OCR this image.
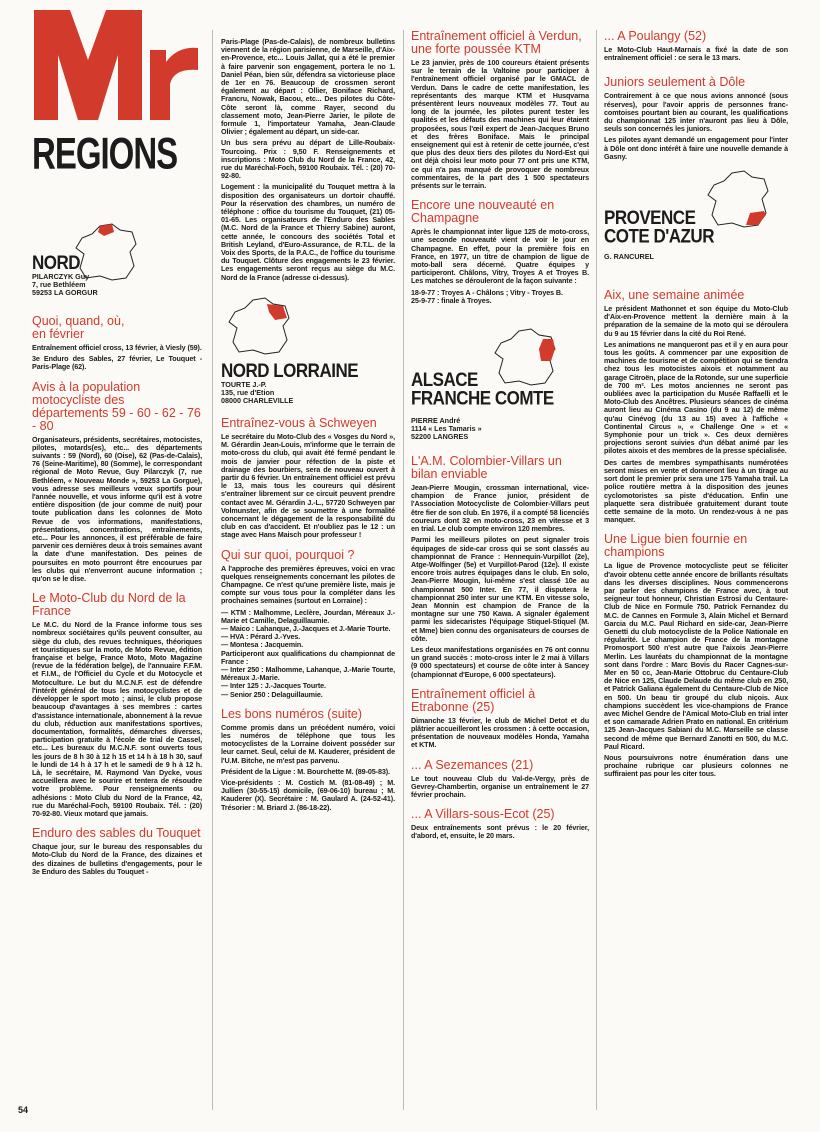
REGIONS
NORD
PILARCZYK Guy
7, rue Bethléem
59253 LA GORGUR
Quoi, quand, où,
en février

Entraînement officiel cross, 13 février, à Viesly (59).

3e Enduro des Sables, 27 février, Le Touquet - Paris-Plage (62).

Avis à la population motocycliste des départements 59 - 60 - 62 - 76 - 80

Organisateurs, présidents, secrétaires, motocistes, pilotes, motards(es), etc... des départements suivants : 59 (Nord), 60 (Oise), 62 (Pas-de-Calais), 76 (Seine-Maritime), 80 (Somme), le correspondant régional de Moto Revue, Guy Pilarczyk (7, rue Bethléem, « Nouveau Monde », 59253 La Gorgue), vous adresse ses meilleurs vœux sportifs pour l'année nouvelle, et vous informe qu'il est à votre entière disposition (de jour comme de nuit) pour toute publication dans les colonnes de Moto Revue de vos informations, manifestations, présentations, concentrations, entraînements, etc... Pour les annonces, il est préférable de faire parvenir ces dernières deux à trois semaines avant la date d'une manifestation. Des peines de poursuites en moto pourront être encourues par les clubs qui n'enverront aucune information ; qu'on se le dise.

Le Moto-Club du Nord de la France

Le M.C. du Nord de la France informe tous ses nombreux sociétaires qu'ils peuvent consulter, au siège du club, des revues techniques, théoriques et touristiques sur la moto, de Moto Revue, édition française et belge, France Moto, Moto Magazine (revue de la fédération belge), de l'annuaire F.F.M. et F.I.M., de l'Officiel du Cycle et du Motocycle et Motoculture. Le but du M.C.N.F. est de défendre l'intérêt général de tous les motocyclistes et de développer le sport moto ; ainsi, le club propose beaucoup d'avantages à ses membres : cartes d'assistance internationale, abonnement à la revue du club, réduction aux manifestations sportives, documentation, formalités, démarches diverses, participation gratuite à l'école de trial de Cassel, etc... Les bureaux du M.C.N.F. sont ouverts tous les jours de 8 h 30 à 12 h 15 et 14 h à 18 h 30, sauf le lundi de 14 h à 17 h et le samedi de 9 h à 12 h. Là, le secrétaire, M. Raymond Van Dycke, vous accueillera avec le sourire et tentera de résoudre votre problème. Pour renseignements ou adhésions : Moto Club du Nord de la France, 42, rue du Maréchal-Foch, 59100 Roubaix. Tél. : (20) 70-92-80. Vieux motard que jamais.

Enduro des sables du Touquet

Chaque jour, sur le bureau des responsables du Moto-Club du Nord de la France, des dizaines et des dizaines de bulletins d'engagements, pour le 3e Enduro des Sables du Touquet -

Paris-Plage (Pas-de-Calais), de nombreux bulletins viennent de la région parisienne, de Marseille, d'Aix-en-Provence, etc... Louis Jallat, qui a été le premier à faire parvenir son engagement, portera le no 1. Daniel Péan, bien sûr, défendra sa victorieuse place de 1er en 76. Beaucoup de crossmen seront également au départ : Ollier, Boniface Richard, Francru, Nowak, Bacou, etc... Des pilotes du Côte-Côte seront là, comme Rayer, second du classement moto, Jean-Pierre Jarier, le pilote de formule 1, l'importateur Yamaha, Jean-Claude Olivier ; également au départ, un side-car.

Un bus sera prévu au départ de Lille-Roubaix-Tourcoing. Prix : 9,50 F. Renseignements et inscriptions : Moto Club du Nord de la France, 42, rue du Maréchal-Foch, 59100 Roubaix. Tél. : (20) 70-92-80.

Logement : la municipalité du Touquet mettra à la disposition des organisateurs un dortoir chauffé. Pour la réservation des chambres, un numéro de téléphone : office du tourisme du Touquet, (21) 05-01-65. Les organisateurs de l'Enduro des Sables (M.C. Nord de la France et Thierry Sabine) auront, cette année, le concours des sociétés Total et British Leyland, d'Euro-Assurance, de R.T.L. de la Voix des Sports, de la P.A.C., de l'office du tourisme du Touquet. Clôture des engagements le 23 février. Les engagements seront reçus au siège du M.C. Nord de la France (adresse ci-dessus).

NORD LORRAINE
TOURTE J.-P.
135, rue d'Etion
08000 CHARLEVILLE
Entraînez-vous à Schweyen

Le secrétaire du Moto-Club des « Vosges du Nord », M. Gérardin Jean-Louis, m'informe que le terrain de moto-cross du club, qui avait été fermé pendant le mois de janvier pour réfection de la piste et drainage des bourbiers, sera de nouveau ouvert à partir du 6 février. Un entraînement officiel est prévu le 13, mais tous les coureurs qui désirent s'entraîner librement sur ce circuit peuvent prendre contact avec M. Gérardin J.-L., 57720 Schweyen par Volmunster, afin de se soumettre à une formalité concernant le dégagement de la responsabilité du club en cas d'accident. Et n'oubliez pas le 12 : un stage avec Hans Maisch pour professeur !

Qui sur quoi, pourquoi ?

A l'approche des premières épreuves, voici en vrac quelques renseignements concernant les pilotes de Champagne. Ce n'est qu'une première liste, mais je compte sur vous tous pour la compléter dans les prochaines semaines (surtout en Lorraine) :

— KTM : Malhomme, Leclère, Jourdan, Méreaux J.-Marie et Camille, Delaguillaumie.

— Maico : Lahanque, J.-Jacques et J.-Marie Tourte.

— HVA : Pérard J.-Yves.

— Montesa : Jacquemin.

Participeront aux qualifications du championnat de France :

— Inter 250 : Malhomme, Lahanque, J.-Marie Tourte, Méreaux J.-Marie.

— Inter 125 : J.-Jacques Tourte.

— Senior 250 : Delaguillaumie.

Les bons numéros (suite)

Comme promis dans un précédent numéro, voici les numéros de téléphone que tous les motocyclistes de la Lorraine doivent posséder sur leur carnet. Seul, celui de M. Kauderer, président de l'U.M. Bitche, ne m'est pas parvenu.

Président de la Ligue : M. Bourchette M. (89-05-83).

Vice-présidents : M. Costich M. (81-08-49) ; M. Jullien (30-55-15) domicile, (69-06-10) bureau ; M. Kauderer (X). Secrétaire : M. Gaulard A. (24-52-41). Trésorier : M. Briard J. (86-18-22).

Entraînement officiel à Verdun, une forte poussée KTM

Le 23 janvier, près de 100 coureurs étaient présents sur le terrain de la Valtoine pour participer à l'entraînement officiel organisé par le GMACL de Verdun. Dans le cadre de cette manifestation, les représentants des marque KTM et Husqvarna présentèrent leurs nouveaux modèles 77. Tout au long de la journée, les pilotes purent tester les qualités et les défauts des machines qui leur étaient proposées, sous l'œil expert de Jean-Jacques Bruno et des frères Boniface. Mais le principal enseignement qui est à retenir de cette journée, c'est que plus des deux tiers des pilotes du Nord-Est qui ont déjà choisi leur moto pour 77 ont pris une KTM, ce qui n'a pas manqué de provoquer de nombreux commentaires, de la part des 1 500 spectateurs présents sur le terrain.

Encore une nouveauté en Champagne

Après le championnat inter ligue 125 de moto-cross, une seconde nouveauté vient de voir le jour en Champagne. En effet, pour la première fois en France, en 1977, un titre de champion de ligue de moto-ball sera décerné. Quatre équipes y participeront. Châlons, Vitry, Troyes A et Troyes B. Les matches se dérouleront de la façon suivante :

18-9-77 : Troyes A - Châlons ; Vitry - Troyes B.

25-9-77 : finale à Troyes.

ALSACE
FRANCHE COMTE
PIERRE André
1114 « Les Tamaris »
52200 LANGRES
L'A.M. Colombier-Villars un bilan enviable

Jean-Pierre Mougin, crossman international, vice-champion de France junior, président de l'Association Motocycliste de Colombier-Villars peut être fier de son club. En 1976, il a compté 58 licenciés coureurs dont 32 en moto-cross, 23 en vitesse et 3 en trial. Le club compte environ 120 membres.

Parmi les meilleurs pilotes on peut signaler trois équipages de side-car cross qui se sont classés au championnat de France : Hennequin-Vurpillot (2e), Atge-Wolfinger (5e) et Vurpillot-Parod (12e). Il existe encore trois autres équipages dans le club. En solo, Jean-Pierre Mougin, lui-même s'est classé 10e au championnat 500 Inter. En 77, il disputera le championnat 250 inter sur une KTM. En vitesse solo, Jean Monnin est champion de France de la montagne sur une 750 Kawa. A signaler également parmi les sidecaristes l'équipage Stiquel-Stiquel (M. et Mme) bien connu des organisateurs de courses de côte.

Les deux manifestations organisées en 76 ont connu un grand succès : moto-cross inter le 2 mai à Villars (9 000 spectateurs) et course de côte inter à Sancey (championnat d'Europe, 6 000 spectateurs).

Entraînement officiel à Etrabonne (25)

Dimanche 13 février, le club de Michel Detot et du plâtrier accueilleront les crossmen : à cette occasion, présentation de nouveaux modèles Honda, Yamaha et KTM.

... A Sezemances (21)

Le tout nouveau Club du Val-de-Vergy, près de Gevrey-Chambertin, organise un entraînement le 27 février prochain.

... A Villars-sous-Ecot (25)

Deux entraînements sont prévus : le 20 février, d'abord, et, ensuite, le 20 mars.

... A Poulangy (52)

Le Moto-Club Haut-Marnais a fixé la date de son entraînement officiel : ce sera le 13 mars.

Juniors seulement à Dôle

Contrairement à ce que nous avions annoncé (sous réserves), pour l'avoir appris de personnes franc-comtoises pourtant bien au courant, les qualifications du championnat 125 inter n'auront pas lieu à Dôle, seuls son concernés les juniors.

Les pilotes ayant demandé un engagement pour l'inter à Dôle ont donc intérêt à faire une nouvelle demande à Gasny.

PROVENCE
COTE D'AZUR
G. RANCUREL
Aix, une semaine animée

Le président Mathonnet et son équipe du Moto-Club d'Aix-en-Provence mettent la dernière main à la préparation de la semaine de la moto qui se déroulera du 9 au 15 février dans la cité du Roi René.

Les animations ne manqueront pas et il y en aura pour tous les goûts. A commencer par une exposition de machines de tourisme et de compétition qui se tiendra chez tous les motocistes aixois et notamment au garage Citroën, place de la Rotonde, sur une superficie de 700 m². Les motos anciennes ne seront pas oubliées avec la participation du Musée Raffaelli et le Moto-Club des Ancêtres. Plusieurs séances de cinéma auront lieu au Cinéma Casino (du 9 au 12) de même qu'au Cinévog (du 13 au 15) avec à l'affiche « Continental Circus », « Challenge One » et « Symphonie pour un trick ». Ces deux dernières projections seront suivies d'un débat animé par les pilotes aixois et des membres de la presse spécialisée.

Des cartes de membres sympathisants numérotées seront mises en vente et donneront lieu à un tirage au sort dont le premier prix sera une 175 Yamaha trail. La police routière mettra à la disposition des jeunes cyclomotoristes sa piste d'éducation. Enfin une plaquette sera distribuée gratuitement durant toute cette semaine de la moto. Un rendez-vous à ne pas manquer.

Une Ligue bien fournie en champions

La ligue de Provence motocycliste peut se féliciter d'avoir obtenu cette année encore de brillants résultats dans les diverses disciplines. Nous commencerons par parler des champions de France avec, à tout seigneur tout honneur, Christian Estrosi du Centaure-Club de Nice en Formule 750. Patrick Fernandez du M.C. de Cannes en Formule 3, Alain Michel et Bernard Garcia du M.C. Paul Richard en side-car, Jean-Pierre Genetti du club motocycliste de la Police Nationale en régularité. Le champion de France de la montagne Promosport 500 n'est autre que l'aixois Jean-Pierre Merlin. Les lauréats du championnat de la montagne sont dans l'ordre : Marc Bovis du Racer Cagnes-sur-Mer en 50 cc, Jean-Marie Ottobruc du Centaure-Club de Nice en 125, Claude Delaude du même club en 250, et Patrick Galiana également du Centaure-Club de Nice en 500. Un beau tir groupé du club niçois. Aux champions succèdent les vice-champions de France avec Michel Gendre de l'Amical Moto-Club en trial inter et son camarade Adrien Prato en national. En critérium 125 Jean-Jacques Sabiani du M.C. Marseille se classe second de même que Bernard Zanotti en 500, du M.C. Paul Ricard.

Nous poursuivrons notre énumération dans une prochaine rubrique car plusieurs colonnes ne suffiraient pas pour les citer tous.

54
